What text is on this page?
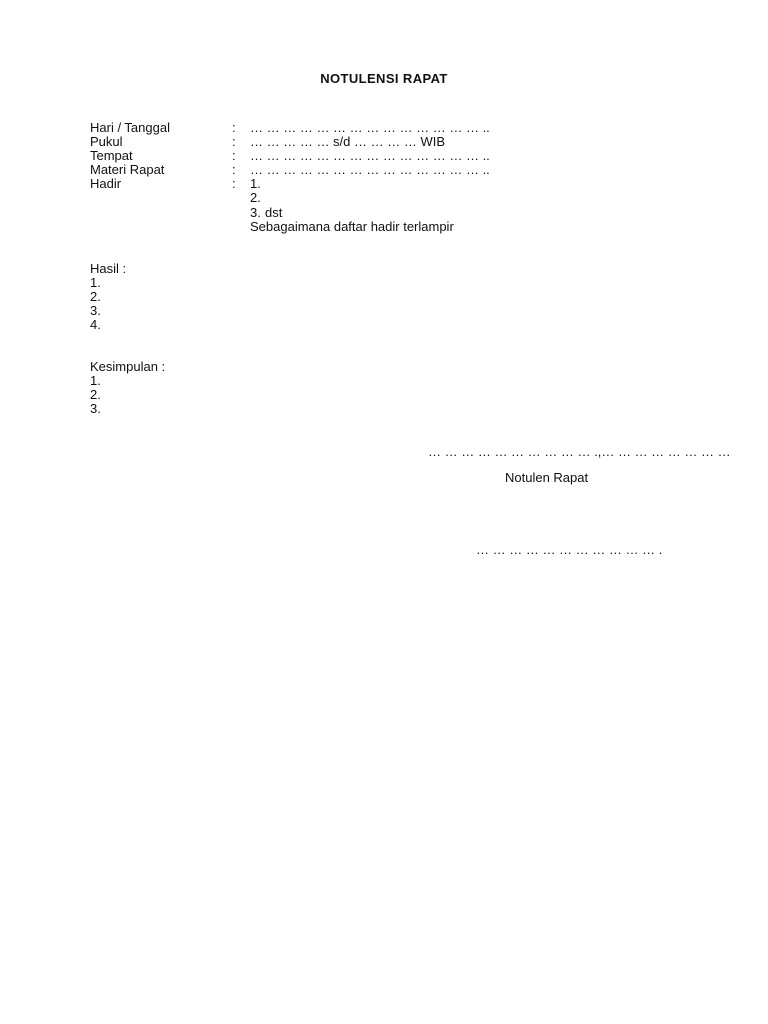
NOTULENSI RAPAT
Hari / Tanggal	: … … … … … … … … … … … … … … ..
Pukul	: … … … … … s/d … … … … WIB
Tempat	: … … … … … … … … … … … … … … ..
Materi Rapat	: … … … … … … … … … … … … … … ..
Hadir	: 1.
2.
3. dst
Sebagaimana daftar hadir terlampir
Hasil :
1.
2.
3.
4.
Kesimpulan :
1.
2.
3.
… … … … … … … … … … .,… … … … … … … …
Notulen Rapat
… … … … … … … … … … … .
